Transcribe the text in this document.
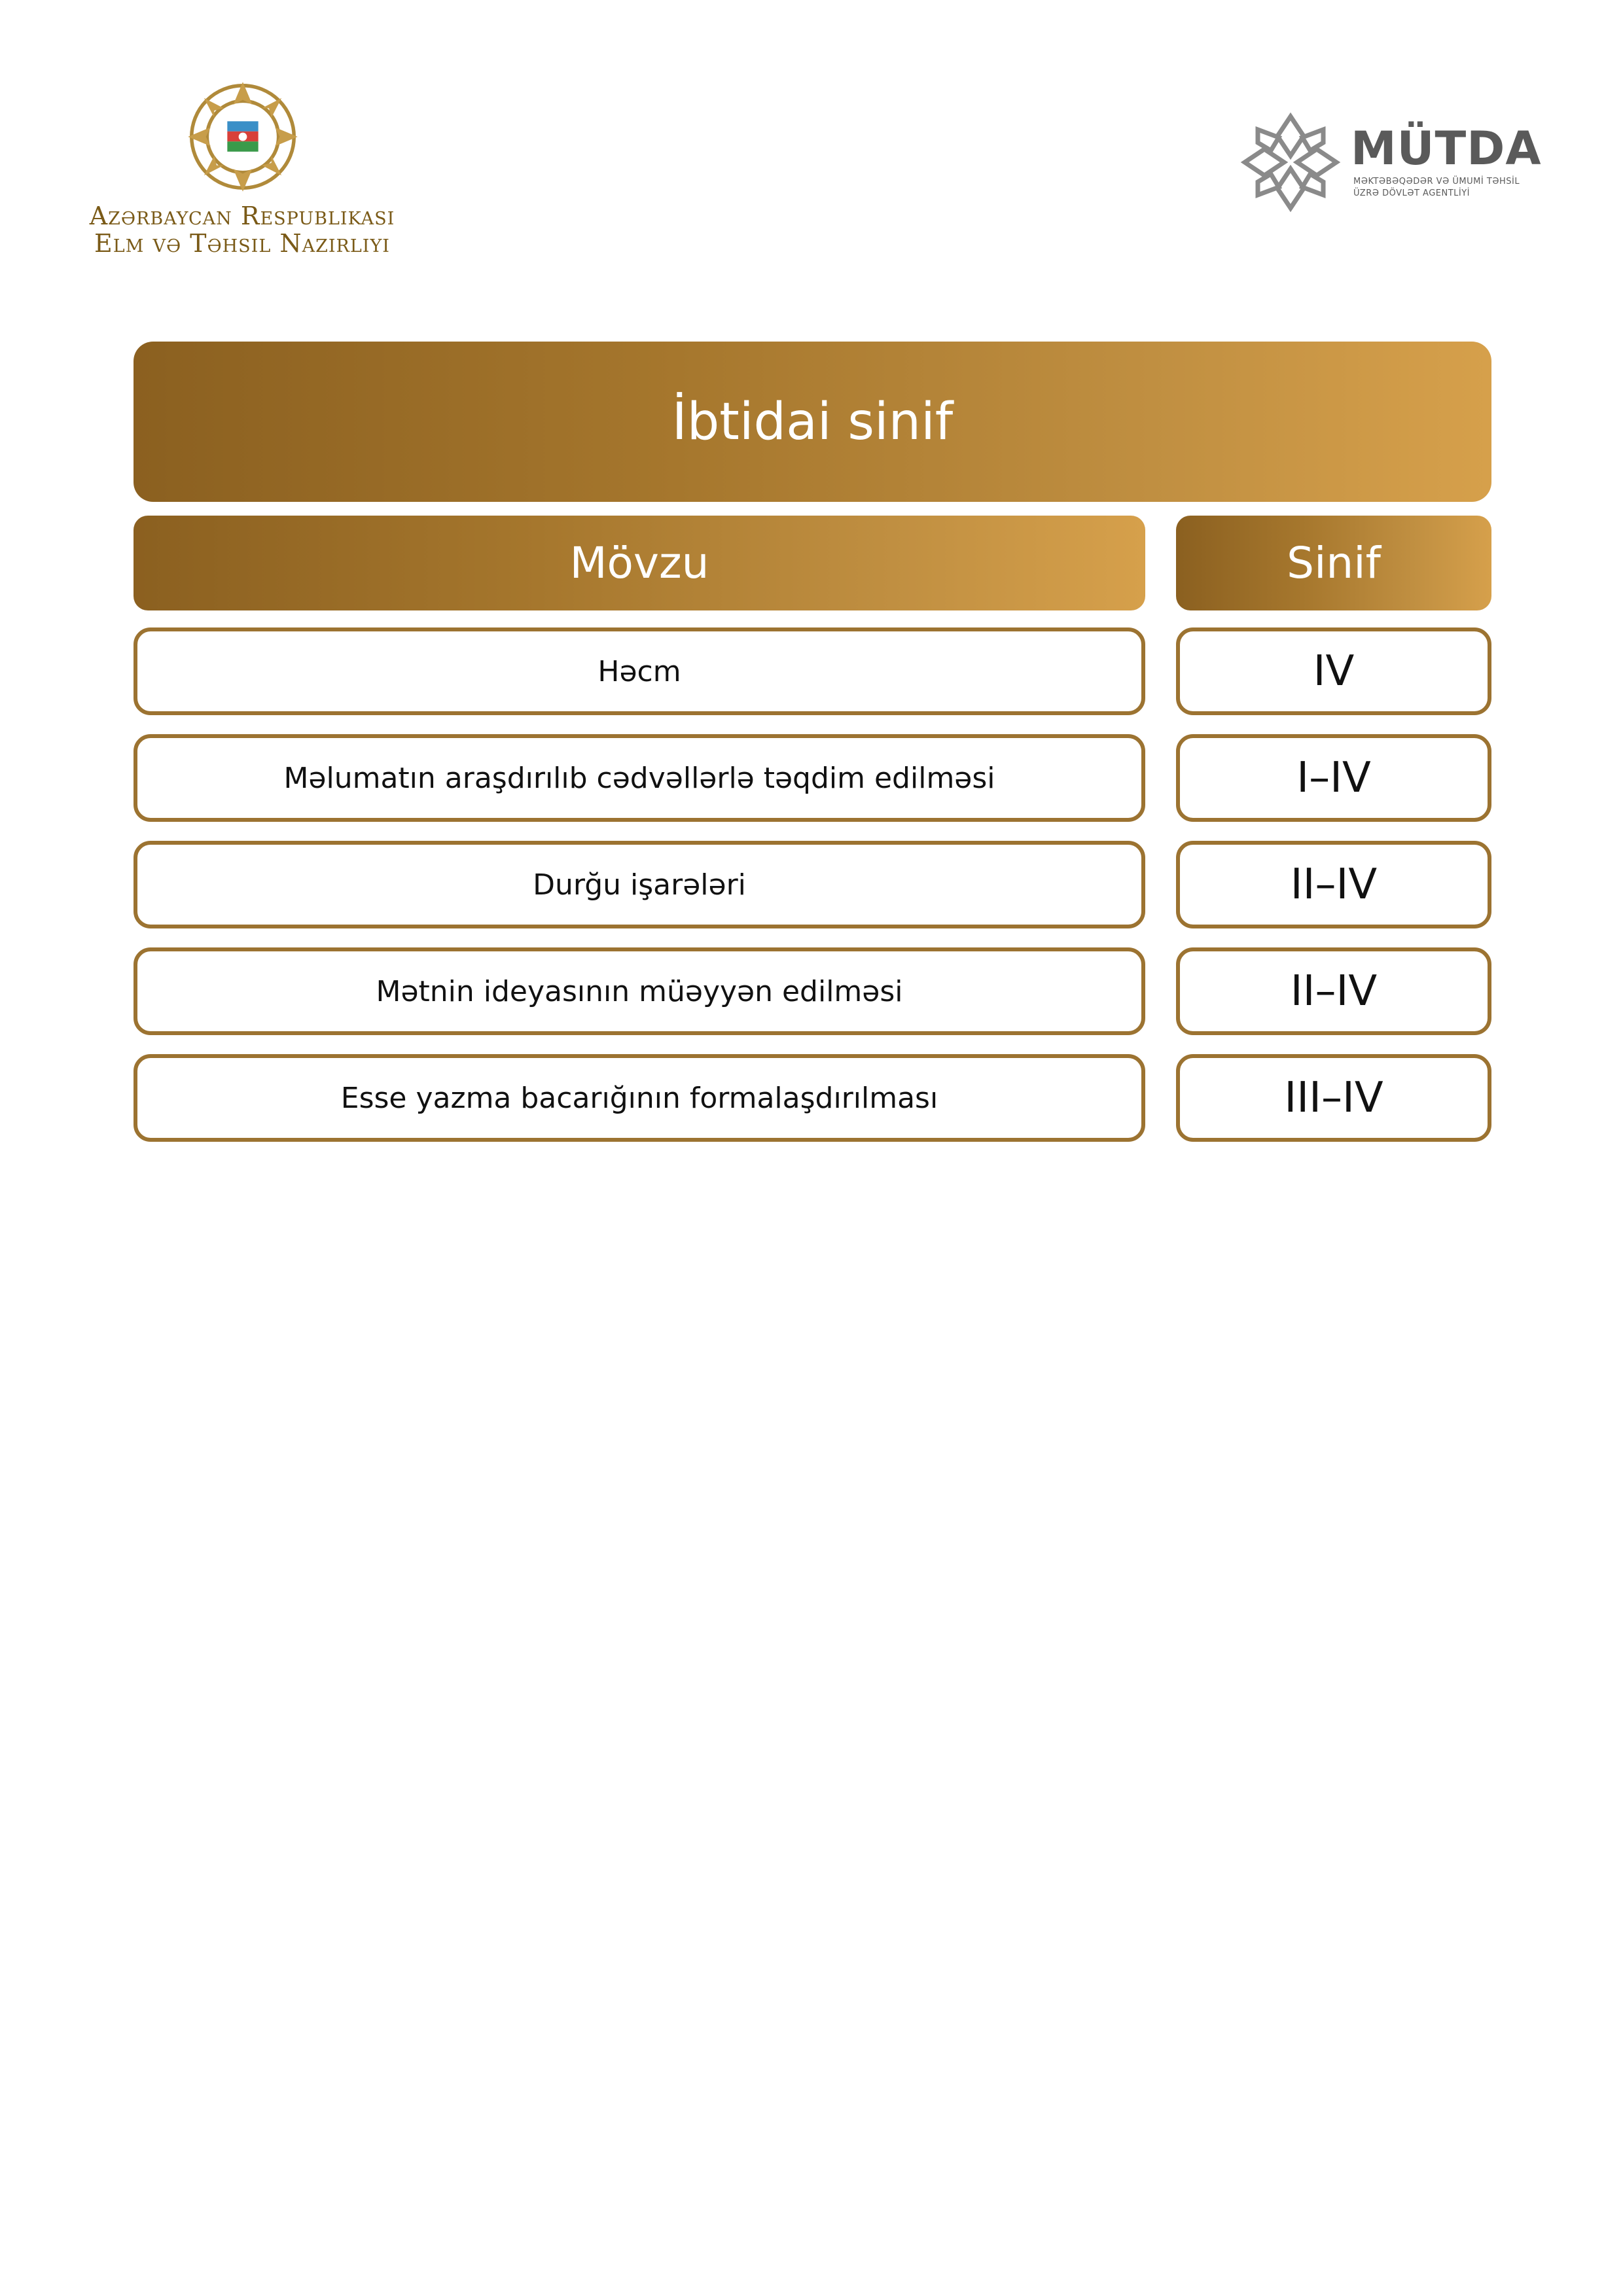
Azərbaycan Respublikası
Elm və Təhsil Nazirliyi
MÜTDA
MƏKTƏBƏQƏDƏR VƏ ÜMUMİ TƏHSİL
ÜZRƏ DÖVLƏT AGENTLİYİ
İbtidai sinif
Mövzu	Sinif
Həcm	IV
Məlumatın araşdırılıb cədvəllərlə təqdim edilməsi	I–IV
Durğu işarələri	II–IV
Mətnin ideyasının müəyyən edilməsi	II–IV
Esse yazma bacarığının formalaşdırılması	III–IV
